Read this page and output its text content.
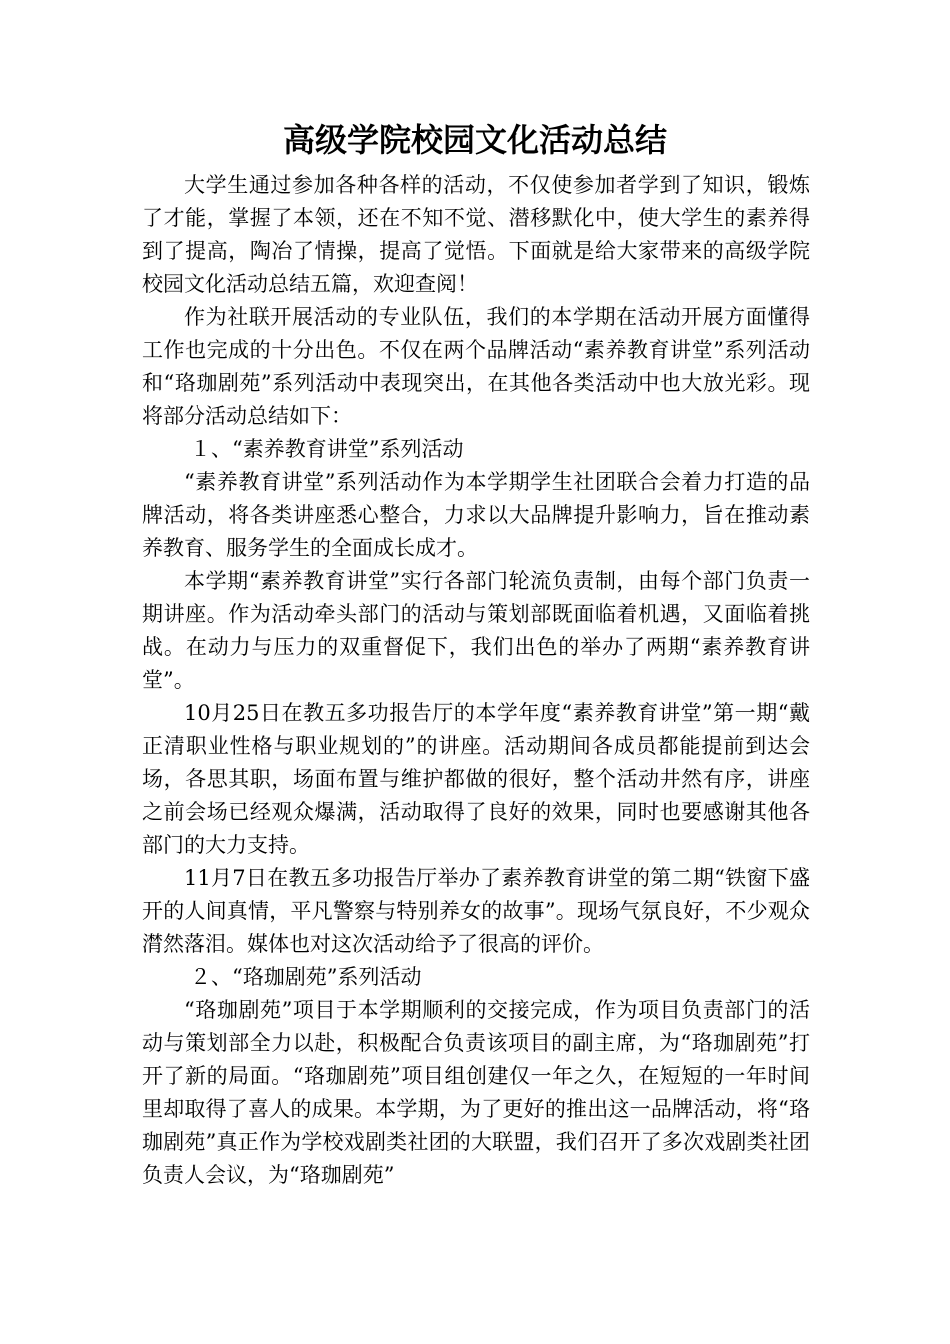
高级学院校园文化活动总结

大学生通过参加各种各样的活动，不仅使参加者学到了知识，锻炼了才能，掌握了本领，还在不知不觉、潜移默化中，使大学生的素养得到了提高，陶冶了情操，提高了觉悟。下面就是给大家带来的高级学院校园文化活动总结五篇，欢迎查阅！

作为社联开展活动的专业队伍，我们的本学期在活动开展方面懂得工作也完成的十分出色。不仅在两个品牌活动“素养教育讲堂”系列活动和“珞珈剧苑”系列活动中表现突出，在其他各类活动中也大放光彩。现将部分活动总结如下：

１、“素养教育讲堂”系列活动

“素养教育讲堂”系列活动作为本学期学生社团联合会着力打造的品牌活动，将各类讲座悉心整合，力求以大品牌提升影响力，旨在推动素养教育、服务学生的全面成长成才。

本学期“素养教育讲堂”实行各部门轮流负责制，由每个部门负责一期讲座。作为活动牵头部门的活动与策划部既面临着机遇，又面临着挑战。在动力与压力的双重督促下，我们出色的举办了两期“素养教育讲堂”。

10月25日在教五多功报告厅的本学年度“素养教育讲堂”第一期“戴正清职业性格与职业规划的”的讲座。活动期间各成员都能提前到达会场，各思其职，场面布置与维护都做的很好，整个活动井然有序，讲座之前会场已经观众爆满，活动取得了良好的效果，同时也要感谢其他各部门的大力支持。

11月7日在教五多功报告厅举办了素养教育讲堂的第二期“铁窗下盛开的人间真情，平凡警察与特别养女的故事”。现场气氛良好，不少观众潸然落泪。媒体也对这次活动给予了很高的评价。

２、“珞珈剧苑”系列活动

“珞珈剧苑”项目于本学期顺利的交接完成，作为项目负责部门的活动与策划部全力以赴，积极配合负责该项目的副主席，为“珞珈剧苑”打开了新的局面。“珞珈剧苑”项目组创建仅一年之久，在短短的一年时间里却取得了喜人的成果。本学期，为了更好的推出这一品牌活动，将“珞珈剧苑”真正作为学校戏剧类社团的大联盟，我们召开了多次戏剧类社团负责人会议，为“珞珈剧苑”
